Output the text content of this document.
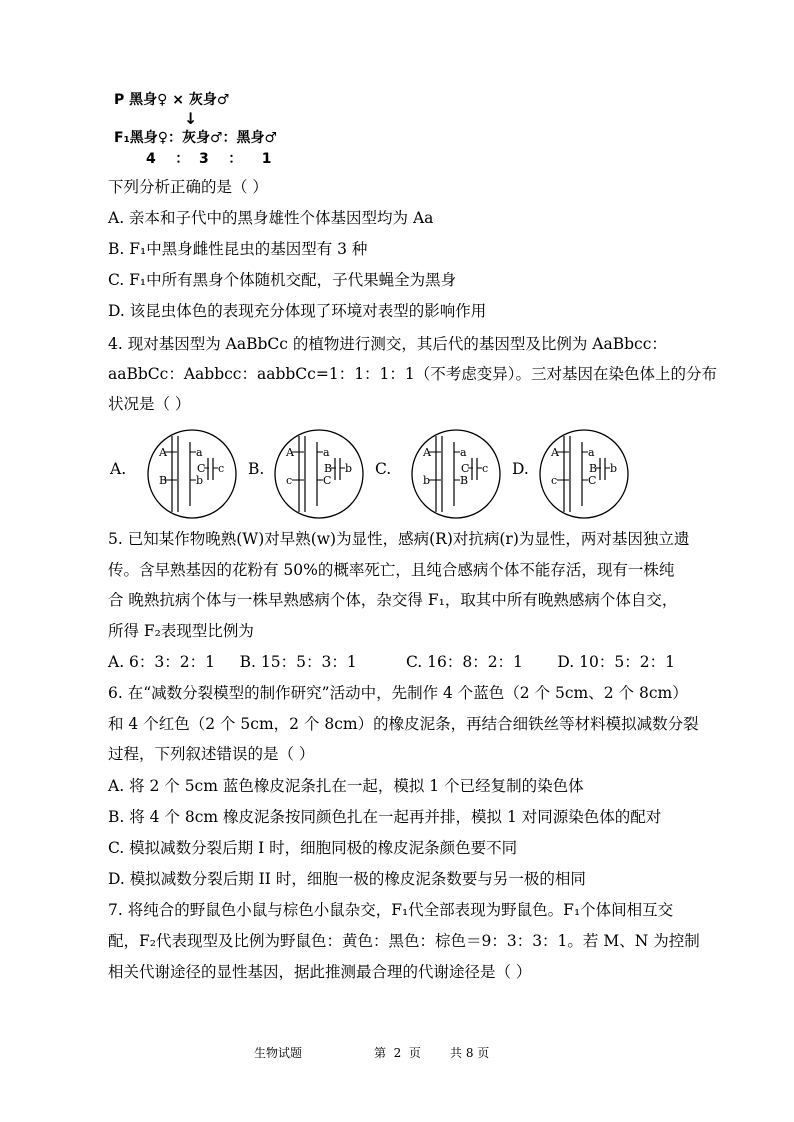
P 黑身♀ × 灰身♂
↓
F₁黑身♀：灰身♂：黑身♂
4    ：  3    ：    1
下列分析正确的是（ ）
A. 亲本和子代中的黑身雄性个体基因型均为 Aa
B. F₁中黑身雌性昆虫的基因型有 3 种
C. F₁中所有黑身个体随机交配，子代果蝇全为黑身
D. 该昆虫体色的表现充分体现了环境对表型的影响作用
4. 现对基因型为 AaBbCc 的植物进行测交，其后代的基因型及比例为 AaBbcc：
aaBbCc：Aabbcc：aabbCc=1：1：1：1（不考虑变异）。三对基因在染色体上的分布
状况是（ ）
A.	B.	C.	D.
A	a
B	b
C c
A	a
c	C
B b
A	a
b	B
C c
A	a
c	C
B b
5. 已知某作物晚熟(W)对早熟(w)为显性，感病(R)对抗病(r)为显性，两对基因独立遗
传。含早熟基因的花粉有 50%的概率死亡，且纯合感病个体不能存活，现有一株纯
合 晚熟抗病个体与一株早熟感病个体，杂交得 F₁，取其中所有晚熟感病个体自交，
所得 F₂表现型比例为
A. 6：3：2：1     B. 15：5：3：1          C. 16：8：2：1       D. 10：5：2：1
6. 在“减数分裂模型的制作研究”活动中，先制作 4 个蓝色（2 个 5cm、2 个 8cm）
和 4 个红色（2 个 5cm，2 个 8cm）的橡皮泥条，再结合细铁丝等材料模拟减数分裂
过程，下列叙述错误的是（ ）
A. 将 2 个 5cm 蓝色橡皮泥条扎在一起，模拟 1 个已经复制的染色体
B. 将 4 个 8cm 橡皮泥条按同颜色扎在一起再并排，模拟 1 对同源染色体的配对
C. 模拟减数分裂后期 I 时，细胞同极的橡皮泥条颜色要不同
D. 模拟减数分裂后期 II 时，细胞一极的橡皮泥条数要与另一极的相同
7. 将纯合的野鼠色小鼠与棕色小鼠杂交，F₁代全部表现为野鼠色。F₁个体间相互交
配，F₂代表现型及比例为野鼠色：黄色：黑色：棕色＝9：3：3：1。若 M、N 为控制
相关代谢途径的显性基因，据此推测最合理的代谢途径是（ ）
生物试题	第  2  页 共 8 页
